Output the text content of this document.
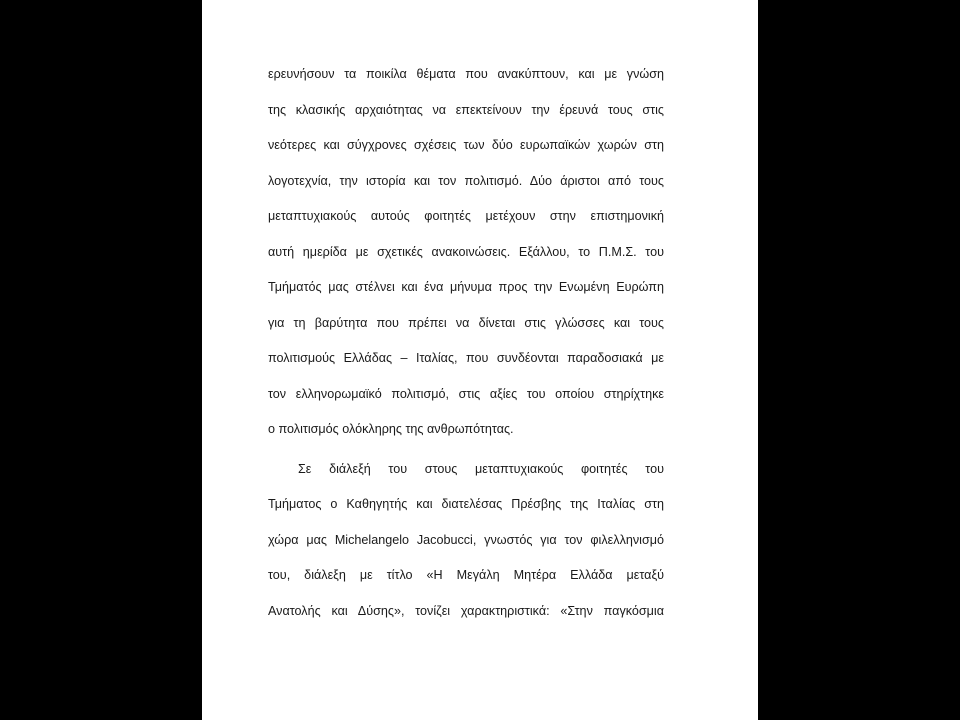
ερευνήσουν τα ποικίλα θέματα που ανακύπτουν, και με γνώση
της κλασικής αρχαιότητας να επεκτείνουν την έρευνά τους στις
νεότερες και σύγχρονες σχέσεις των δύο ευρωπαϊκών χωρών στη
λογοτεχνία, την ιστορία και τον πολιτισμό. Δύο άριστοι από τους
μεταπτυχιακούς αυτούς φοιτητές μετέχουν στην επιστημονική
αυτή ημερίδα με σχετικές ανακοινώσεις. Εξάλλου, το Π.Μ.Σ. του
Τμήματός μας στέλνει και ένα μήνυμα προς την Ενωμένη Ευρώπη
για τη βαρύτητα που πρέπει να δίνεται στις γλώσσες και τους
πολιτισμούς Ελλάδας – Ιταλίας, που συνδέονται παραδοσιακά με
τον ελληνορωμαϊκό πολιτισμό, στις αξίες του οποίου στηρίχτηκε
ο πολιτισμός ολόκληρης της ανθρωπότητας.
Σε διάλεξή του στους μεταπτυχιακούς φοιτητές του
Τμήματος ο Καθηγητής και διατελέσας Πρέσβης της Ιταλίας στη
χώρα μας Michelangelo Jacobucci, γνωστός για τον φιλελληνισμό
του, διάλεξη με τίτλο «Η Μεγάλη Μητέρα Ελλάδα μεταξύ
Ανατολής και Δύσης», τονίζει χαρακτηριστικά: «Στην παγκόσμια
